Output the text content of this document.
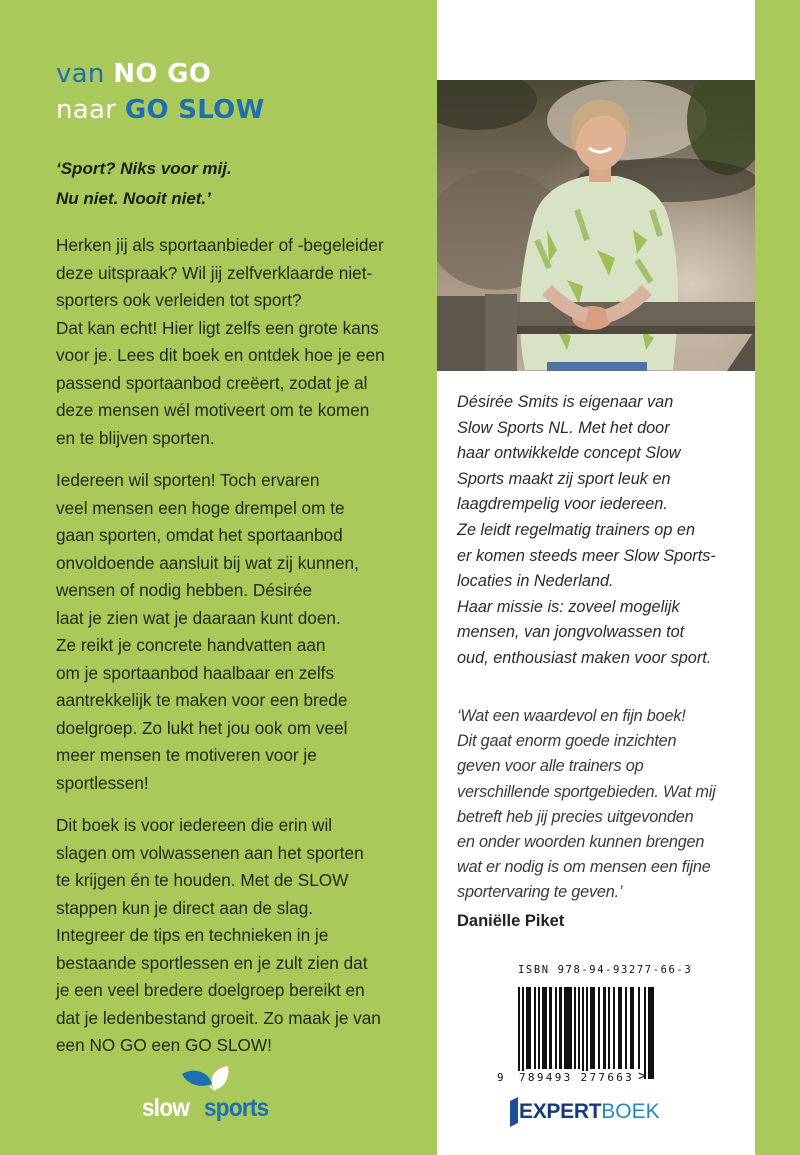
van NO GO
naar GO SLOW
‘Sport? Niks voor mij.
Nu niet. Nooit niet.’
Herken jij als sportaanbieder of -begeleider
deze uitspraak? Wil jij zelfverklaarde niet-
sporters ook verleiden tot sport?
Dat kan echt! Hier ligt zelfs een grote kans
voor je. Lees dit boek en ontdek hoe je een
passend sportaanbod creëert, zodat je al
deze mensen wél motiveert om te komen
en te blijven sporten.
Iedereen wil sporten! Toch ervaren
veel mensen een hoge drempel om te
gaan sporten, omdat het sportaanbod
onvoldoende aansluit bij wat zij kunnen,
wensen of nodig hebben. Désirée
laat je zien wat je daaraan kunt doen.
Ze reikt je concrete handvatten aan
om je sportaanbod haalbaar en zelfs
aantrekkelijk te maken voor een brede
doelgroep. Zo lukt het jou ook om veel
meer mensen te motiveren voor je
sportlessen!
Dit boek is voor iedereen die erin wil
slagen om volwassenen aan het sporten
te krijgen én te houden. Met de SLOW
stappen kun je direct aan de slag.
Integreer de tips en technieken in je
bestaande sportlessen en je zult zien dat
je een veel bredere doelgroep bereikt en
dat je ledenbestand groeit. Zo maak je van
een NO GO een GO SLOW!
slow sports
Désirée Smits is eigenaar van
Slow Sports NL. Met het door
haar ontwikkelde concept Slow
Sports maakt zij sport leuk en
laagdrempelig voor iedereen.
Ze leidt regelmatig trainers op en
er komen steeds meer Slow Sports-
locaties in Nederland.
Haar missie is: zoveel mogelijk
mensen, van jongvolwassen tot
oud, enthousiast maken voor sport.
‘Wat een waardevol en fijn boek!
Dit gaat enorm goede inzichten
geven voor alle trainers op
verschillende sportgebieden. Wat mij
betreft heb jij precies uitgevonden
en onder woorden kunnen brengen
wat er nodig is om mensen een fijne
sportervaring te geven.’
Daniëlle Piket
ISBN 978-94-93277-66-3
9	789493 277663 >
EXPERT BOEK
